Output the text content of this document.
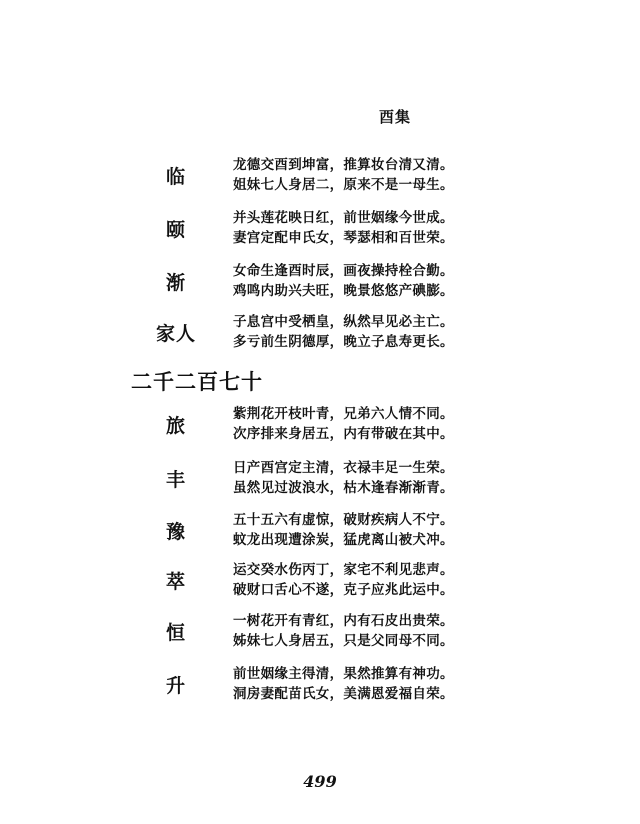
酉集
临
龙德交酉到坤富，推算妆台清又清。
姐妹七人身居二，原来不是一母生。
颐
并头莲花映日红，前世姻缘今世成。
妻宫定配申氏女，琴瑟相和百世荣。
渐
女命生逢酉时辰，画夜操持栓合勤。
鸡鸣内助兴夫旺，晚景悠悠产碘膨。
家人
子息宫中受栖皇，纵然早见必主亡。
多亏前生阴德厚，晚立子息寿更长。
二千二百七十
旅
紫荆花开枝叶青，兄弟六人情不同。
次序排来身居五，内有带破在其中。
丰
日产酉宫定主清，衣禄丰足一生荣。
虽然见过波浪水，枯木逢春渐渐青。
豫
五十五六有虚惊，破财疾病人不宁。
蚊龙出现遭涂炭，猛虎离山被犬冲。
萃
运交癸水伤丙丁，家宅不利见悲声。
破财口舌心不遂，克子应兆此运中。
恒
一树花开有青红，内有石皮出贵荣。
姊妹七人身居五，只是父同母不同。
升
前世姻缘主得清，果然推算有神功。
洞房妻配苗氏女，美满恩爱福自荣。
499
